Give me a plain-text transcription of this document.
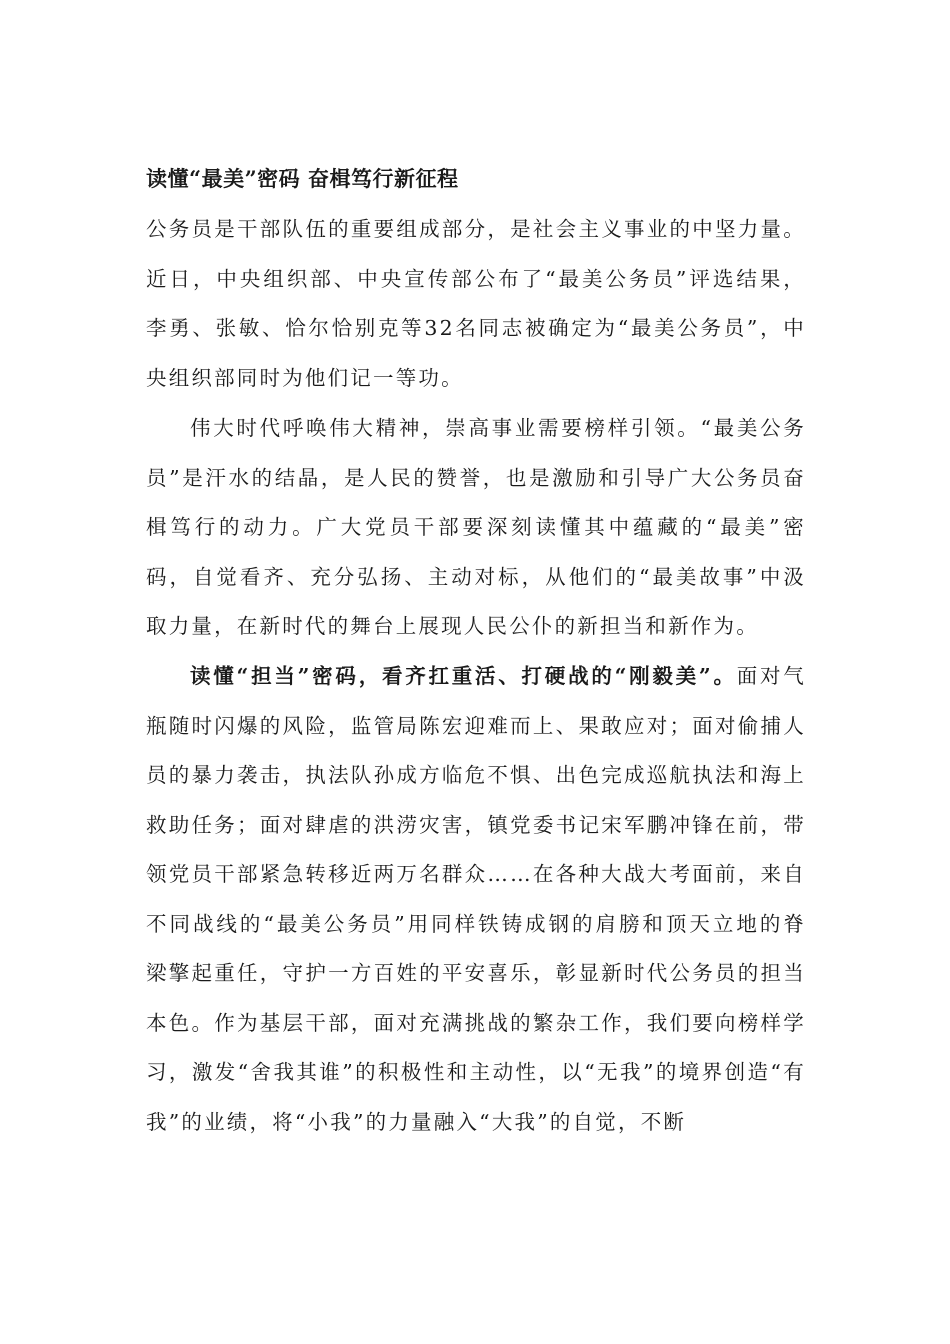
读懂“最美”密码 奋楫笃行新征程

公务员是干部队伍的重要组成部分，是社会主义事业的中坚力量。近日，中央组织部、中央宣传部公布了“最美公务员”评选结果，李勇、张敏、恰尔恰别克等32名同志被确定为“最美公务员”，中央组织部同时为他们记一等功。

伟大时代呼唤伟大精神，崇高事业需要榜样引领。“最美公务员”是汗水的结晶，是人民的赞誉，也是激励和引导广大公务员奋楫笃行的动力。广大党员干部要深刻读懂其中蕴藏的“最美”密码，自觉看齐、充分弘扬、主动对标，从他们的“最美故事”中汲取力量，在新时代的舞台上展现人民公仆的新担当和新作为。

读懂“担当”密码，看齐扛重活、打硬战的“刚毅美”。面对气瓶随时闪爆的风险，监管局陈宏迎难而上、果敢应对；面对偷捕人员的暴力袭击，执法队孙成方临危不惧、出色完成巡航执法和海上救助任务；面对肆虐的洪涝灾害，镇党委书记宋军鹏冲锋在前，带领党员干部紧急转移近两万名群众……在各种大战大考面前，来自不同战线的“最美公务员”用同样铁铸成钢的肩膀和顶天立地的脊梁擎起重任，守护一方百姓的平安喜乐，彰显新时代公务员的担当本色。作为基层干部，面对充满挑战的繁杂工作，我们要向榜样学习，激发“舍我其谁”的积极性和主动性，以“无我”的境界创造“有我”的业绩，将“小我”的力量融入“大我”的自觉，不断
